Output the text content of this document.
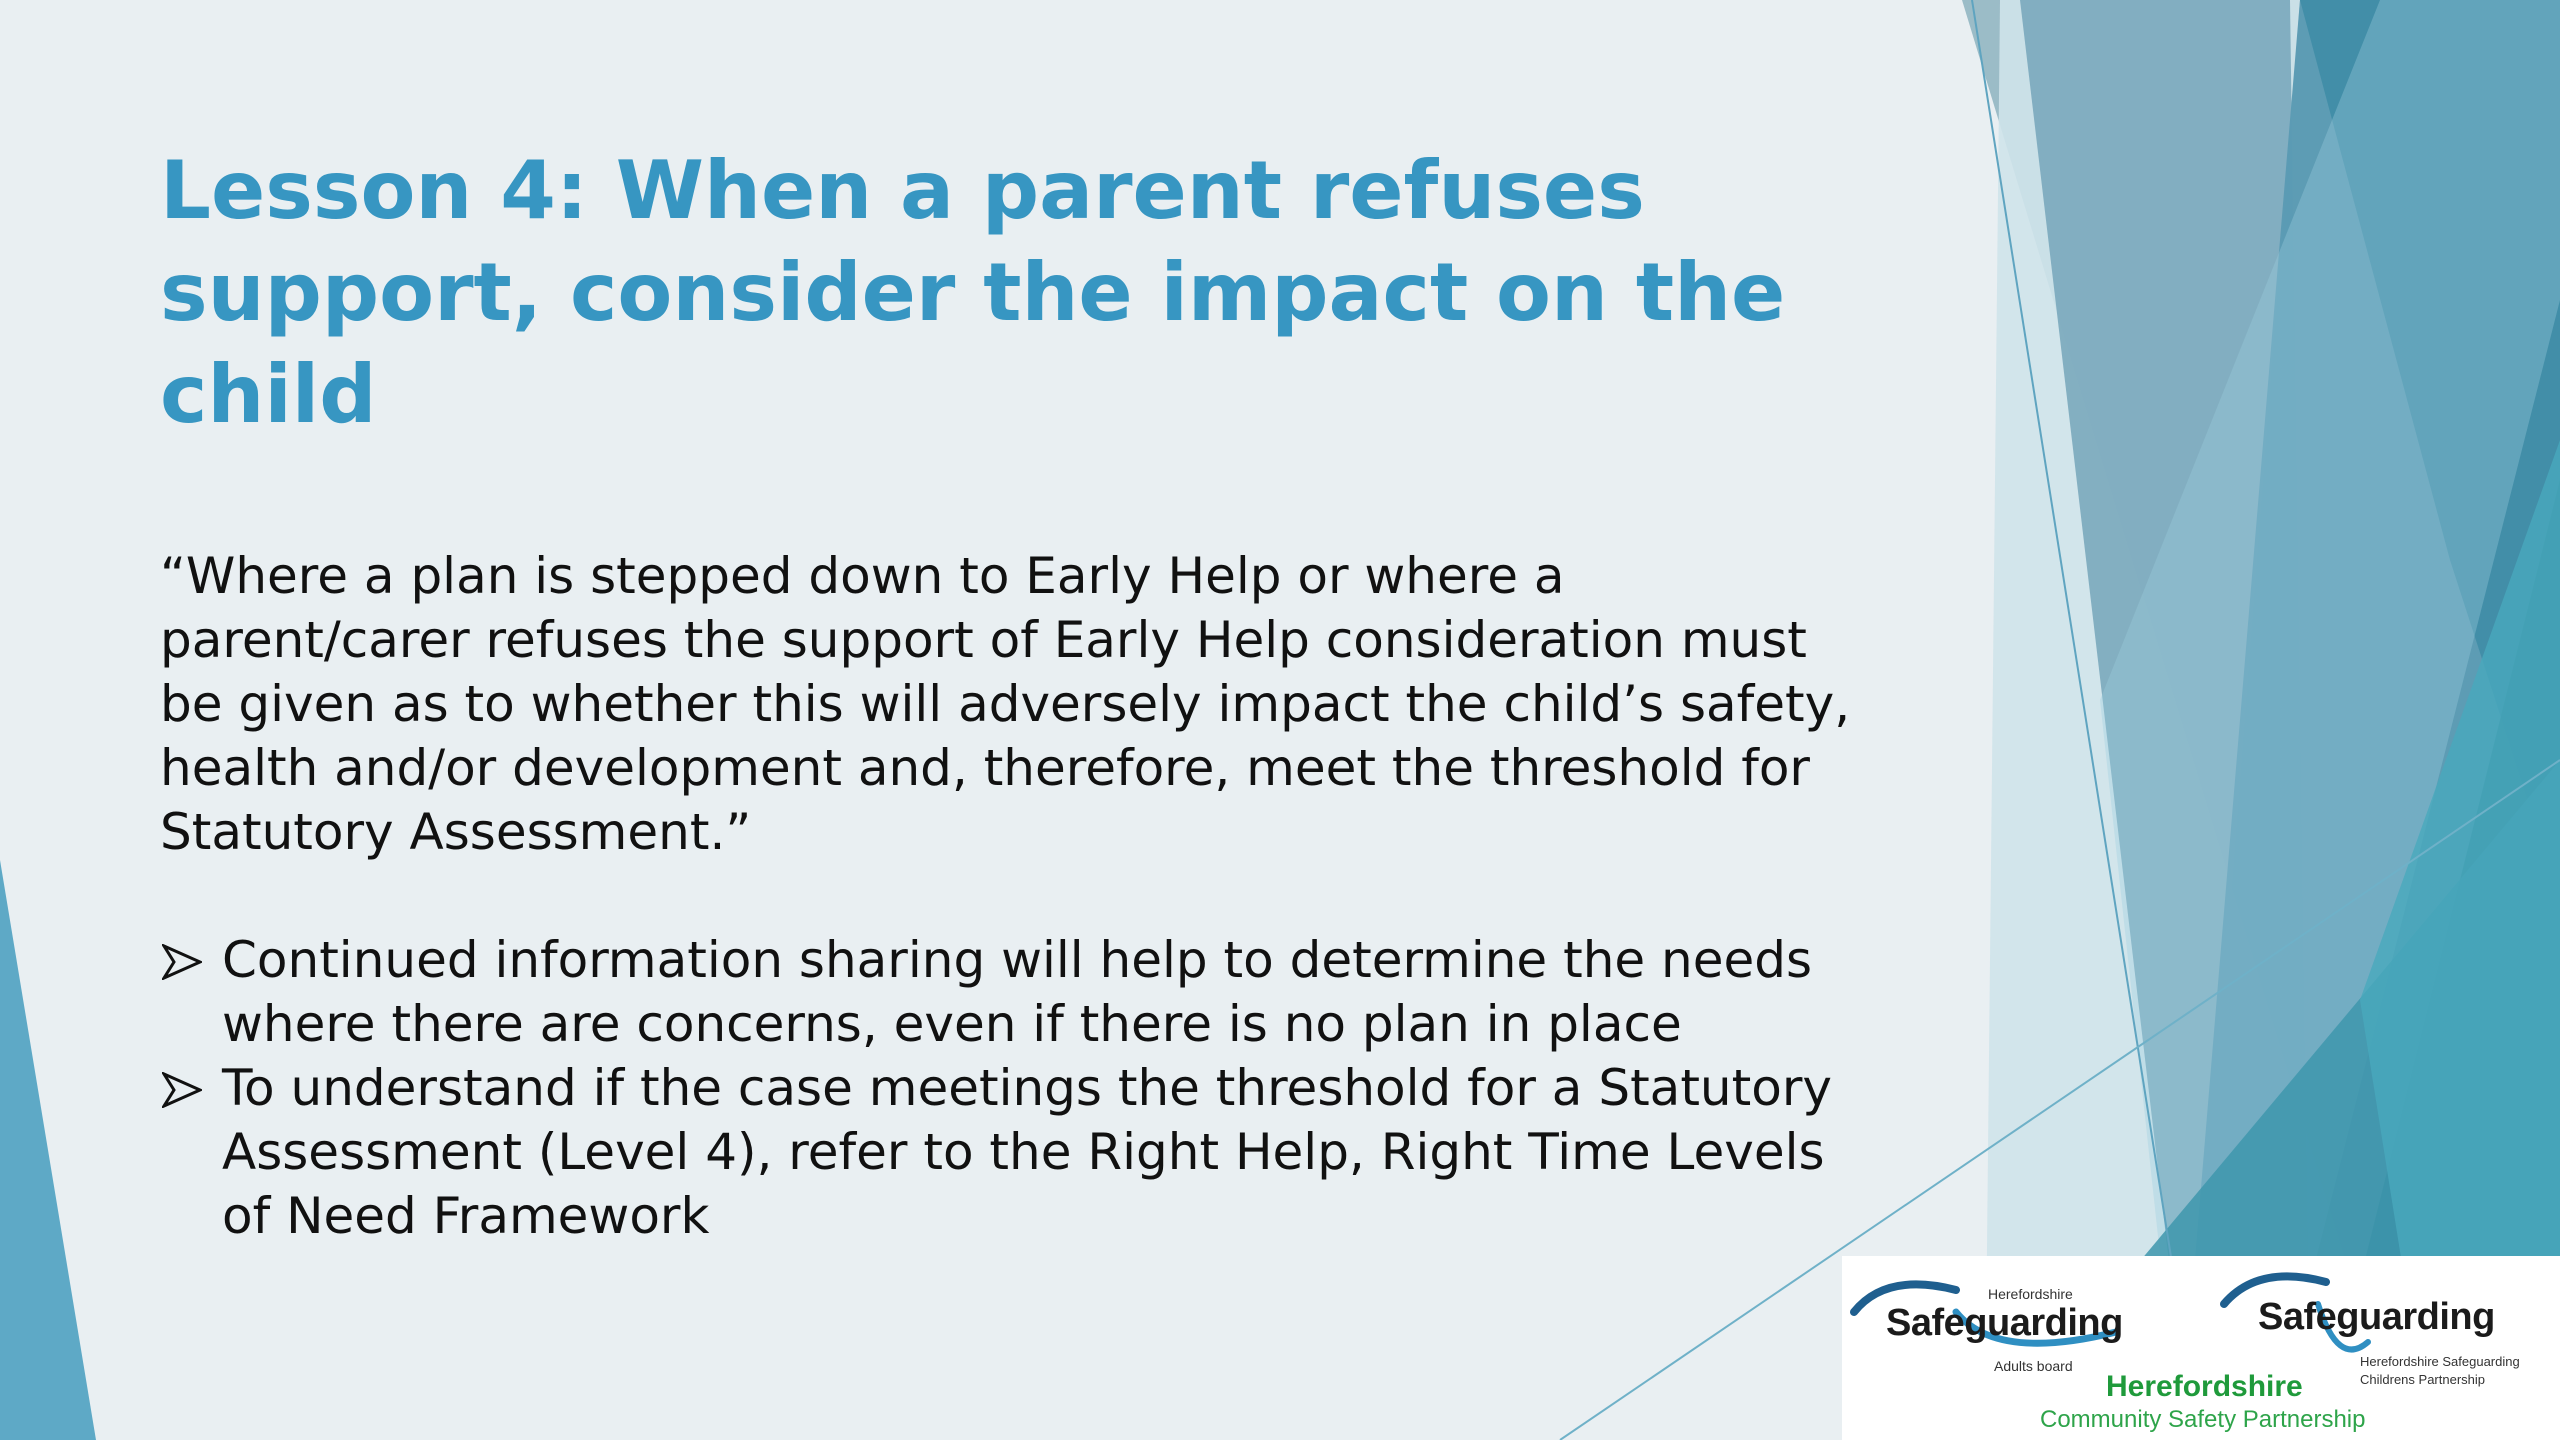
Lesson 4: When a parent refuses support, consider the impact on the child

“Where a plan is stepped down to Early Help or where a parent/carer refuses the support of Early Help consideration must be given as to whether this will adversely impact the child’s safety, health and/or development and, therefore, meet the threshold for Statutory Assessment.”

Continued information sharing will help to determine the needs where there are concerns, even if there is no plan in place
To understand if the case meetings the threshold for a Statutory Assessment (Level 4), refer to the Right Help, Right Time Levels of Need Framework
Herefordshire
Safeguarding
Adults board
Safeguarding
Herefordshire Safeguarding
Childrens Partnership
Herefordshire
Community Safety Partnership
